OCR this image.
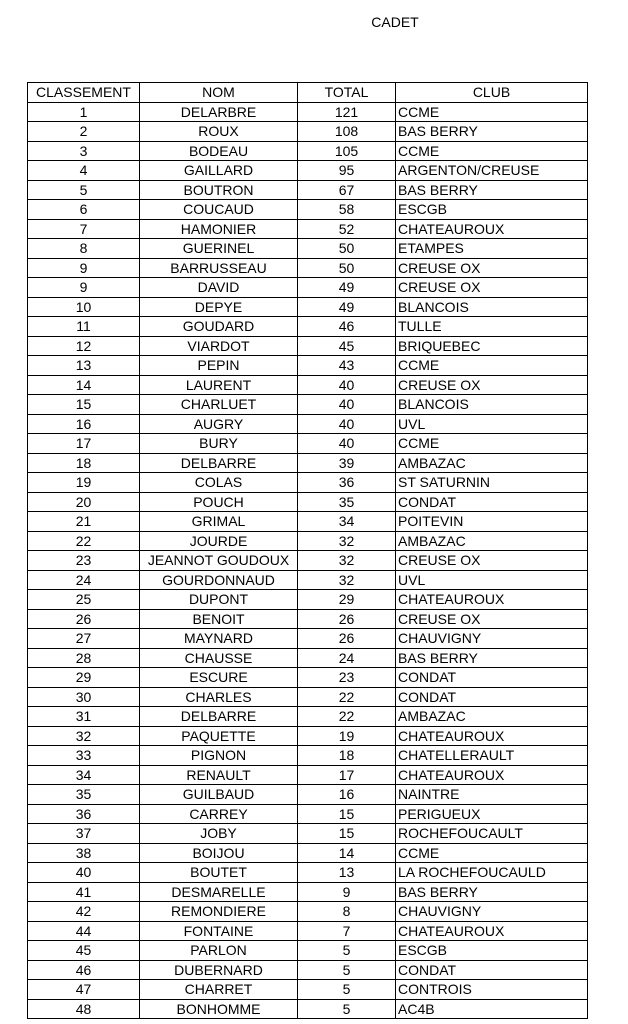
CADET
CLASSEMENT	NOM	TOTAL	CLUB
1	DELARBRE	121	CCME
2	ROUX	108	BAS BERRY
3	BODEAU	105	CCME
4	GAILLARD	95	ARGENTON/CREUSE
5	BOUTRON	67	BAS BERRY
6	COUCAUD	58	ESCGB
7	HAMONIER	52	CHATEAUROUX
8	GUERINEL	50	ETAMPES
9	BARRUSSEAU	50	CREUSE OX
9	DAVID	49	CREUSE OX
10	DEPYE	49	BLANCOIS
11	GOUDARD	46	TULLE
12	VIARDOT	45	BRIQUEBEC
13	PEPIN	43	CCME
14	LAURENT	40	CREUSE OX
15	CHARLUET	40	BLANCOIS
16	AUGRY	40	UVL
17	BURY	40	CCME
18	DELBARRE	39	AMBAZAC
19	COLAS	36	ST SATURNIN
20	POUCH	35	CONDAT
21	GRIMAL	34	POITEVIN
22	JOURDE	32	AMBAZAC
23	JEANNOT GOUDOUX	32	CREUSE OX
24	GOURDONNAUD	32	UVL
25	DUPONT	29	CHATEAUROUX
26	BENOIT	26	CREUSE OX
27	MAYNARD	26	CHAUVIGNY
28	CHAUSSE	24	BAS BERRY
29	ESCURE	23	CONDAT
30	CHARLES	22	CONDAT
31	DELBARRE	22	AMBAZAC
32	PAQUETTE	19	CHATEAUROUX
33	PIGNON	18	CHATELLERAULT
34	RENAULT	17	CHATEAUROUX
35	GUILBAUD	16	NAINTRE
36	CARREY	15	PERIGUEUX
37	JOBY	15	ROCHEFOUCAULT
38	BOIJOU	14	CCME
40	BOUTET	13	LA ROCHEFOUCAULD
41	DESMARELLE	9	BAS BERRY
42	REMONDIERE	8	CHAUVIGNY
44	FONTAINE	7	CHATEAUROUX
45	PARLON	5	ESCGB
46	DUBERNARD	5	CONDAT
47	CHARRET	5	CONTROIS
48	BONHOMME	5	AC4B
